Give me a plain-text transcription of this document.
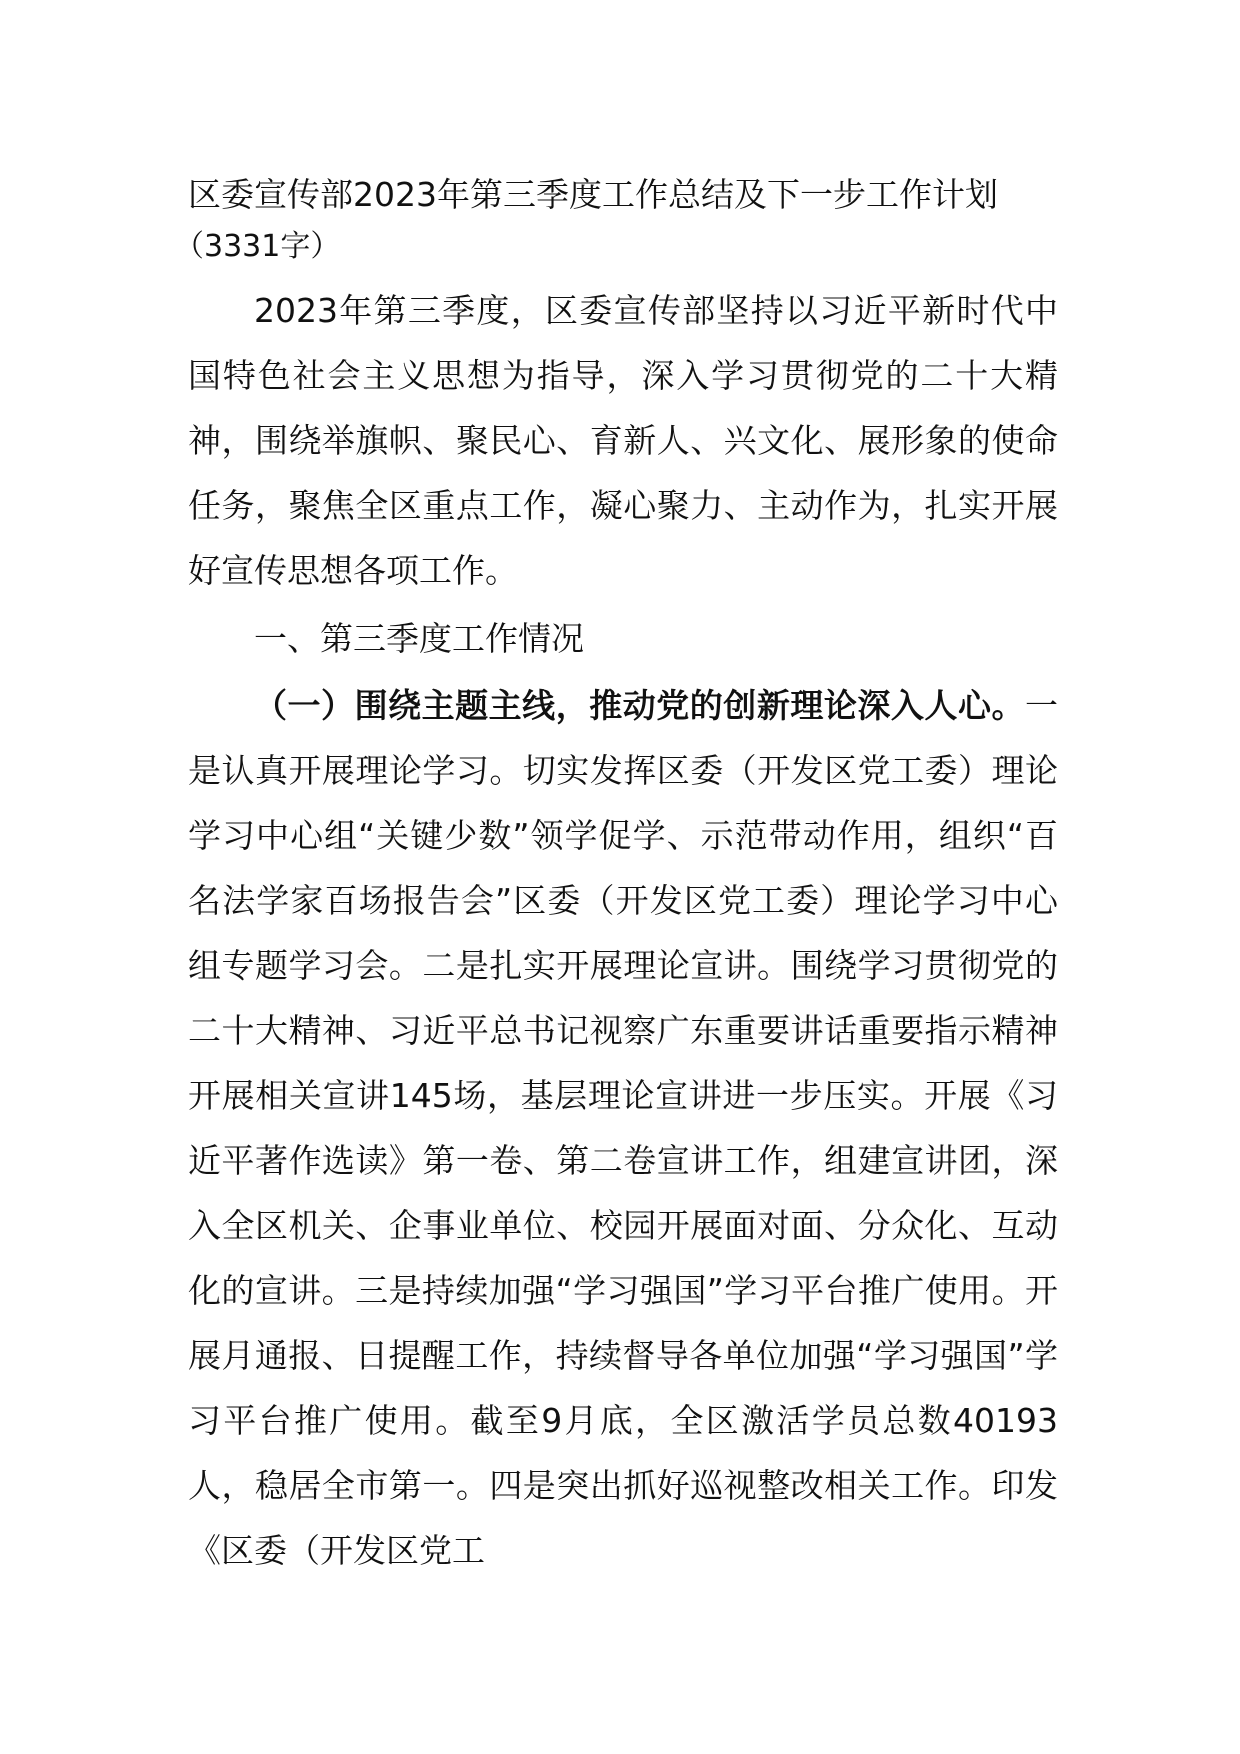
区委宣传部2023年第三季度工作总结及下一步工作计划

（3331字）

2023年第三季度，区委宣传部坚持以习近平新时代中国特色社会主义思想为指导，深入学习贯彻党的二十大精神，围绕举旗帜、聚民心、育新人、兴文化、展形象的使命任务，聚焦全区重点工作，凝心聚力、主动作为，扎实开展好宣传思想各项工作。

一、第三季度工作情况

（一）围绕主题主线，推动党的创新理论深入人心。一是认真开展理论学习。切实发挥区委（开发区党工委）理论学习中心组“关键少数”领学促学、示范带动作用，组织“百名法学家百场报告会”区委（开发区党工委）理论学习中心组专题学习会。二是扎实开展理论宣讲。围绕学习贯彻党的二十大精神、习近平总书记视察广东重要讲话重要指示精神开展相关宣讲145场，基层理论宣讲进一步压实。开展《习近平著作选读》第一卷、第二卷宣讲工作，组建宣讲团，深入全区机关、企事业单位、校园开展面对面、分众化、互动化的宣讲。三是持续加强“学习强国”学习平台推广使用。开展月通报、日提醒工作，持续督导各单位加强“学习强国”学习平台推广使用。截至9月底，全区激活学员总数40193人，稳居全市第一。四是突出抓好巡视整改相关工作。印发《区委（开发区党工
